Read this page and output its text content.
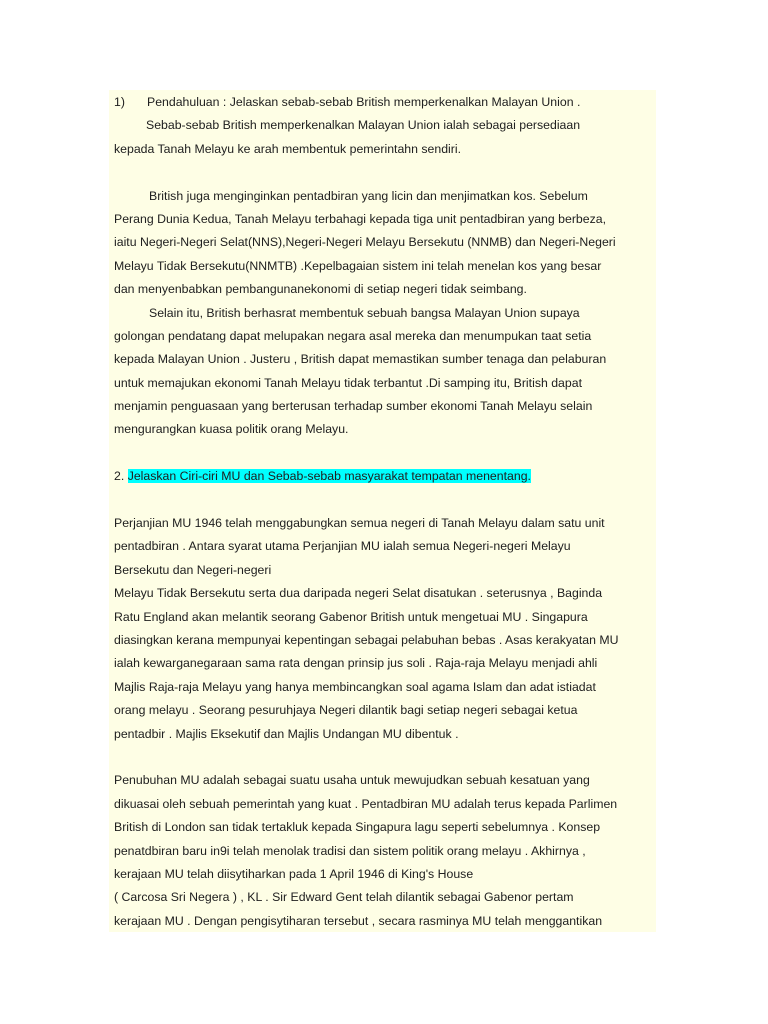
1) Pendahuluan : Jelaskan sebab-sebab British memperkenalkan Malayan Union .
Sebab-sebab British memperkenalkan Malayan Union ialah sebagai persediaan
kepada Tanah Melayu ke arah membentuk pemerintahn sendiri.
British juga menginginkan pentadbiran yang licin dan menjimatkan kos. Sebelum
Perang Dunia Kedua, Tanah Melayu terbahagi kepada tiga unit pentadbiran yang berbeza,
iaitu Negeri-Negeri Selat(NNS),Negeri-Negeri Melayu Bersekutu (NNMB) dan Negeri-Negeri
Melayu Tidak Bersekutu(NNMTB) .Kepelbagaian sistem ini telah menelan kos yang besar
dan menyenbabkan pembangunanekonomi di setiap negeri tidak seimbang.
Selain itu, British berhasrat membentuk sebuah bangsa Malayan Union supaya
golongan pendatang dapat melupakan negara asal mereka dan menumpukan taat setia
kepada Malayan Union . Justeru , British dapat memastikan sumber tenaga dan pelaburan
untuk memajukan ekonomi Tanah Melayu tidak terbantut .Di samping itu, British dapat
menjamin penguasaan yang berterusan terhadap sumber ekonomi Tanah Melayu selain
mengurangkan kuasa politik orang Melayu.
2. Jelaskan Ciri-ciri MU dan Sebab-sebab masyarakat tempatan menentang.
Perjanjian MU 1946 telah menggabungkan semua negeri di Tanah Melayu dalam satu unit
pentadbiran . Antara syarat utama Perjanjian MU ialah semua Negeri-negeri Melayu
Bersekutu dan Negeri-negeri
Melayu Tidak Bersekutu serta dua daripada negeri Selat disatukan . seterusnya , Baginda
Ratu England akan melantik seorang Gabenor British untuk mengetuai MU . Singapura
diasingkan kerana mempunyai kepentingan sebagai pelabuhan bebas . Asas kerakyatan MU
ialah kewarganegaraan sama rata dengan prinsip jus soli . Raja-raja Melayu menjadi ahli
Majlis Raja-raja Melayu yang hanya membincangkan soal agama Islam dan adat istiadat
orang melayu . Seorang pesuruhjaya Negeri dilantik bagi setiap negeri sebagai ketua
pentadbir . Majlis Eksekutif dan Majlis Undangan MU dibentuk .
Penubuhan MU adalah sebagai suatu usaha untuk mewujudkan sebuah kesatuan yang
dikuasai oleh sebuah pemerintah yang kuat . Pentadbiran MU adalah terus kepada Parlimen
British di London san tidak tertakluk kepada Singapura lagu seperti sebelumnya . Konsep
penatdbiran baru in9i telah menolak tradisi dan sistem politik orang melayu . Akhirnya ,
kerajaan MU telah diisytiharkan pada 1 April 1946 di King's House
( Carcosa Sri Negera ) , KL . Sir Edward Gent telah dilantik sebagai Gabenor pertam
kerajaan MU . Dengan pengisytiharan tersebut , secara rasminya MU telah menggantikan
